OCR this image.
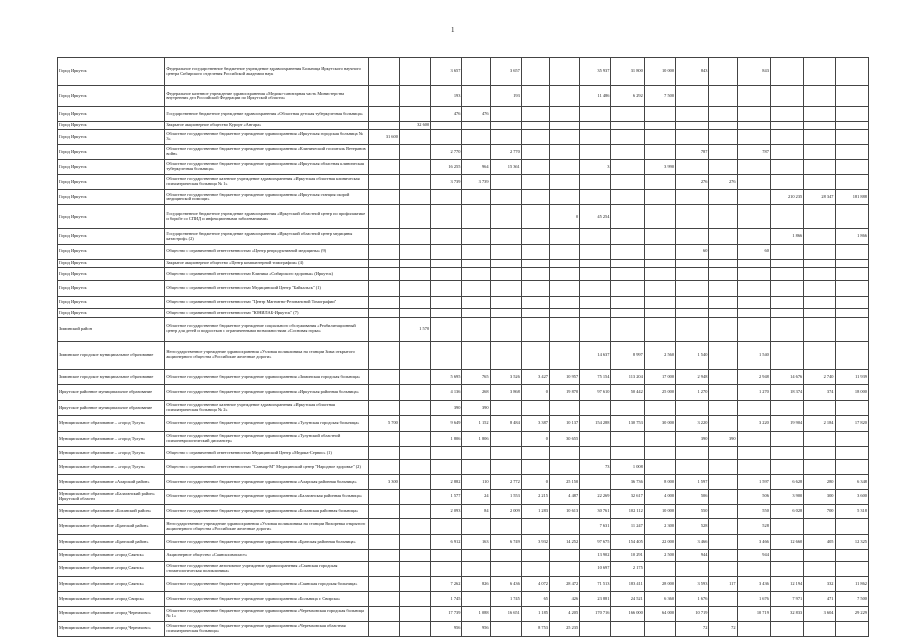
1
Город Иркутск	Федеральное государственное бюджетное учреждение здравоохранения Больница Иркутского научного центра Сибирского отделения Российской академии наук			3 657		3 657			35 937	31 800	10 000	843		843			
Город Иркутск	Федеральное казенное учреждение здравоохранения «Медико-санитарная часть Министерства внутренних дел Российской Федерации по Иркутской области»			193		193			11 486	6 292	7 500						
Город Иркутск	Государственное бюджетное учреждение здравоохранения «Областная детская туберкулезная больница»			476	476												
Город Иркутск	Закрытое акционерное общество Курорт «Ангара»		32 600														
Город Иркутск	Областное государственное бюджетное учреждение здравоохранения «Иркутская городская больница № 3»	31 600															
Город Иркутск	Областное государственное бюджетное учреждение здравоохранения «Клинический госпиталь Ветеранов войн»			2 770		2 770						787		787			
Город Иркутск	Областное государственное бюджетное учреждение здравоохранения «Иркутская областная клиническая туберкулезная больница»			16 255	964	15 361			3		3 990						
Город Иркутск	Областное государственное казенное учреждение здравоохранения «Иркутская областная клиническая психиатрическая больница № 1»			3 739	3 739							276	276				
Город Иркутск	Областное государственное бюджетное учреждение здравоохранения «Иркутская станция скорой медицинской помощи»														210 235	28 347	181 888
Город Иркутск	Государственное бюджетное учреждение здравоохранения «Иркутский областной центр по профилактике и борьбе со СПИД и инфекционными заболеваниями»							0	45 254								
Город Иркутск	Государственное бюджетное учреждение здравоохранения «Иркутский областной центр медицины катастроф» (2)														1 866		1 866
Город Иркутск	Общество с ограниченной ответственностью «Центр репродуктивной медицины» (9)											60		60			
Город Иркутск	Закрытое акционерное общество «Центр компьютерной томографии» (4)																
Город Иркутск	Общество с ограниченной ответственностью Клиника «Сибирского здоровья» (Иркутск)																
Город Иркутск	Общество с ограниченной ответственностью Медицинский Центр "Байкальск" (1)																
Город Иркутск	Общество с ограниченной ответственностью "Центр Магнитно-Резонансной Томографии"																
Город Иркутск	Общество с ограниченной ответственностью "ЮНИЛАБ-Иркутск" (7)																
Зиминский район	Областное государственное бюджетное учреждение социального обслуживания «Реабилитационный центр для детей и подростков с ограниченными возможностями «Сосновая горка»		1 570														
Зиминское городское муниципальное образование	Негосударственное учреждение здравоохранения «Узловая поликлиника на станции Зима открытого акционерного общества «Российские железные дороги»								14 637	8 997	2 560	1 540		1 540			
Зиминское городское муниципальное образование	Областное государственное бюджетное учреждение здравоохранения «Зиминская городская больница»			5 695	765	3 526	3 427	10 957	75 154	113 204	17 000	2 948		2 948	14 676	2 740	11 939
Иркутское районное муниципальное образование	Областное государственное бюджетное учреждение здравоохранения «Иркутская районная больница»			4 136	268	3 868	0	19 870	97 610	50 442	25 000	1 270		1 270	18 374	374	18 000
Иркутское районное муниципальное образование	Областное государственное казенное учреждение здравоохранения «Иркутская областная психиатрическая больница № 2»			390	390												
Муниципальное образование – «город Тулун»	Областное государственное бюджетное учреждение здравоохранения «Тулунская городская больница»	5 700		9 649	1 152	8 484	3 387	10 137	154 288	130 753	30 000	3 220		3 220	19 904	2 184	17 820
Муниципальное образование – «город Тулун»	Областное государственное бюджетное учреждение здравоохранения «Тулунский областной психоневрологический диспансер»			1 806	1 806		0	30 655				390	390				
Муниципальное образование – «город Тулун»	Общество с ограниченной ответственностью Медицинский Центр «Медика-Сервис» (1)																
Муниципальное образование – «город Тулун»	Общество с ограниченной ответственностью "Санмар-М" Медицинский центр "Народное здоровье" (2)								73	1 008							
Муниципальное образование «Аларский район»	Областное государственное бюджетное учреждение здравоохранения «Аларская районная больница»	3 300		2 882	110	2 772	0	25 150		36 736	8 000	1 597		1 597	6 628	280	6 348
Муниципальное образование «Балаганский район» Иркутской области	Областное государственное бюджетное учреждение здравоохранения «Балаганская районная больница»			1 577	24	1 553	2 215	4 487	22 269	32 617	4 000	506		506	3 900	300	3 600
Муниципальное образование «Боханский район»	Областное государственное бюджетное учреждение здравоохранения «Боханская районная больница»			2 093	84	2 009	1 283	10 613	30 761	102 112	10 000	550		550	6 028	700	5 318
Муниципальное образование «Братский район»	Негосударственное учреждение здравоохранения «Узловая поликлиника на станции Вихоревка открытого акционерного общества «Российские железные дороги»								7 631	11 247	2 300	528		528			
Муниципальное образование «Братский район»	Областное государственное бюджетное учреждение здравоохранения «Братская районная больница»			6 912	163	6 749	3 932	14 252	97 675	154 405	22 000	3 466		3 466	12 660	405	12 325
Муниципальное образование «город Саянск»	Акционерное общество «Саянскхимпласт»								13 902	10 291	2 500	944		944			
Муниципальное образование «город Саянск»	Областное государственное автономное учреждение здравоохранения «Саянская городская стоматологическая поликлиника»								10 697	2 175							
Муниципальное образование «город Саянск»	Областное государственное бюджетное учреждение здравоохранения «Саянская городская больница»			7 262	826	6 436	4 072	28 472	71 513	183 411	28 000	3 593	117	3 436	12 194	332	11 862
Муниципальное образование «город Свирск»	Областное государственное бюджетное учреждение здравоохранения «Больница г. Свирска»			1 745		1 745	65	426	23 881	24 521	6 360	1 676		1 676	7 971	471	7 500
Муниципальное образование «город Черемхово»	Областное государственное бюджетное учреждение здравоохранения «Черемховская городская больница № 1»			17 739	1 088	16 651	1 185	4 205	170 716	166 000	64 000	10 719		10 719	32 833	3 604	29 229
Муниципальное образование «город Черемхово»	Областное государственное бюджетное учреждение здравоохранения «Черемховская областная психиатрическая больница»			956	956		8 753	25 235				72	72				
